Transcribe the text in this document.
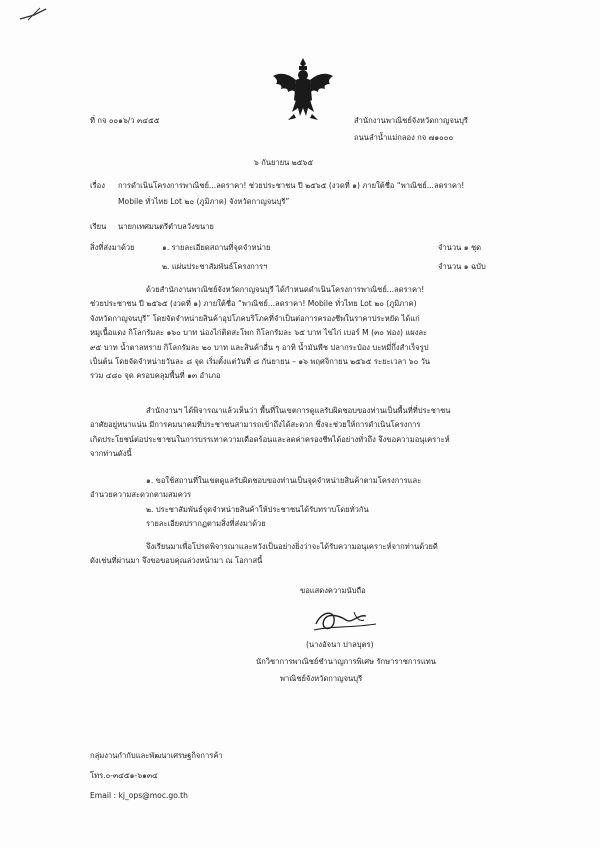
ที่ กจ ๐๐๑๖/ว ๓๔๕๕	สำนักงานพาณิชย์จังหวัดกาญจนบุรี
ถนนลำน้ำแม่กลอง กจ ๗๑๐๐๐
๖ กันยายน ๒๕๖๕
เรื่อง การดำเนินโครงการพาณิชย์...ลดราคา! ช่วยประชาชน ปี ๒๕๖๕ (งวดที่ ๑) ภายใต้ชื่อ “พาณิชย์...ลดราคา!
Mobile ทั่วไทย Lot ๒๐ (ภูมิภาค) จังหวัดกาญจนบุรี”
เรียน นายกเทศมนตรีตำบลวังขนาย
สิ่งที่ส่งมาด้วย	๑. รายละเอียดสถานที่จุดจำหน่าย	จำนวน ๑ ชุด
๒. แผ่นประชาสัมพันธ์โครงการฯ	จำนวน ๑ ฉบับ
ด้วยสำนักงานพาณิชย์จังหวัดกาญจนบุรี ได้กำหนดดำเนินโครงการพาณิชย์...ลดราคา!
ช่วยประชาชน ปี ๒๕๖๕ (งวดที่ ๑) ภายใต้ชื่อ “พาณิชย์...ลดราคา! Mobile ทั่วไทย Lot ๒๐ (ภูมิภาค)
จังหวัดกาญจนบุรี” โดยจัดจำหน่ายสินค้าอุปโภคบริโภคที่จำเป็นต่อการครองชีพในราคาประหยัด ได้แก่
หมูเนื้อแดง กิโลกรัมละ ๑๖๐ บาท น่องไก่ติดสะโพก กิโลกรัมละ ๖๕ บาท ไข่ไก่ เบอร์ M (๓๐ ฟอง) แผงละ
๙๕ บาท น้ำตาลทราย กิโลกรัมละ ๒๐ บาท และสินค้าอื่น ๆ อาทิ น้ำมันพืช ปลากระป๋อง บะหมี่กึ่งสำเร็จรูป
เป็นต้น โดยจัดจำหน่ายวันละ ๘ จุด เริ่มตั้งแต่วันที่ ๘ กันยายน – ๑๖ พฤศจิกายน ๒๕๖๕ ระยะเวลา ๖๐ วัน
รวม ๔๘๐ จุด ครอบคลุมพื้นที่ ๑๓ อำเภอ
สำนักงานฯ ได้พิจารณาแล้วเห็นว่า พื้นที่ในเขตการดูแลรับผิดชอบของท่านเป็นพื้นที่ที่ประชาชน
อาศัยอยู่หนาแน่น มีการคมนาคมที่ประชาชนสามารถเข้าถึงได้สะดวก ซึ่งจะช่วยให้การดำเนินโครงการ
เกิดประโยชน์ต่อประชาชนในการบรรเทาความเดือดร้อนและลดค่าครองชีพได้อย่างทั่วถึง จึงขอความอนุเคราะห์
จากท่านดังนี้
๑. ขอใช้สถานที่ในเขตดูแลรับผิดชอบของท่านเป็นจุดจำหน่ายสินค้าตามโครงการและ
อำนวยความสะดวกตามสมควร
๒. ประชาสัมพันธ์จุดจำหน่ายสินค้าให้ประชาชนได้รับทราบโดยทั่วกัน
รายละเอียดปรากฏตามสิ่งที่ส่งมาด้วย
จึงเรียนมาเพื่อโปรดพิจารณาและหวังเป็นอย่างยิ่งว่าจะได้รับความอนุเคราะห์จากท่านด้วยดี
ดังเช่นที่ผ่านมา จึงขอขอบคุณล่วงหน้ามา ณ โอกาสนี้
ขอแสดงความนับถือ
(นางอัจนา ปาลบุตร)
นักวิชาการพาณิชย์ชำนาญการพิเศษ รักษาราชการแทน
พาณิชย์จังหวัดกาญจนบุรี
กลุ่มงานกำกับและพัฒนาเศรษฐกิจการค้า
โทร.๐-๓๔๕๑-๖๑๓๔
Email : kj_ops@moc.go.th
